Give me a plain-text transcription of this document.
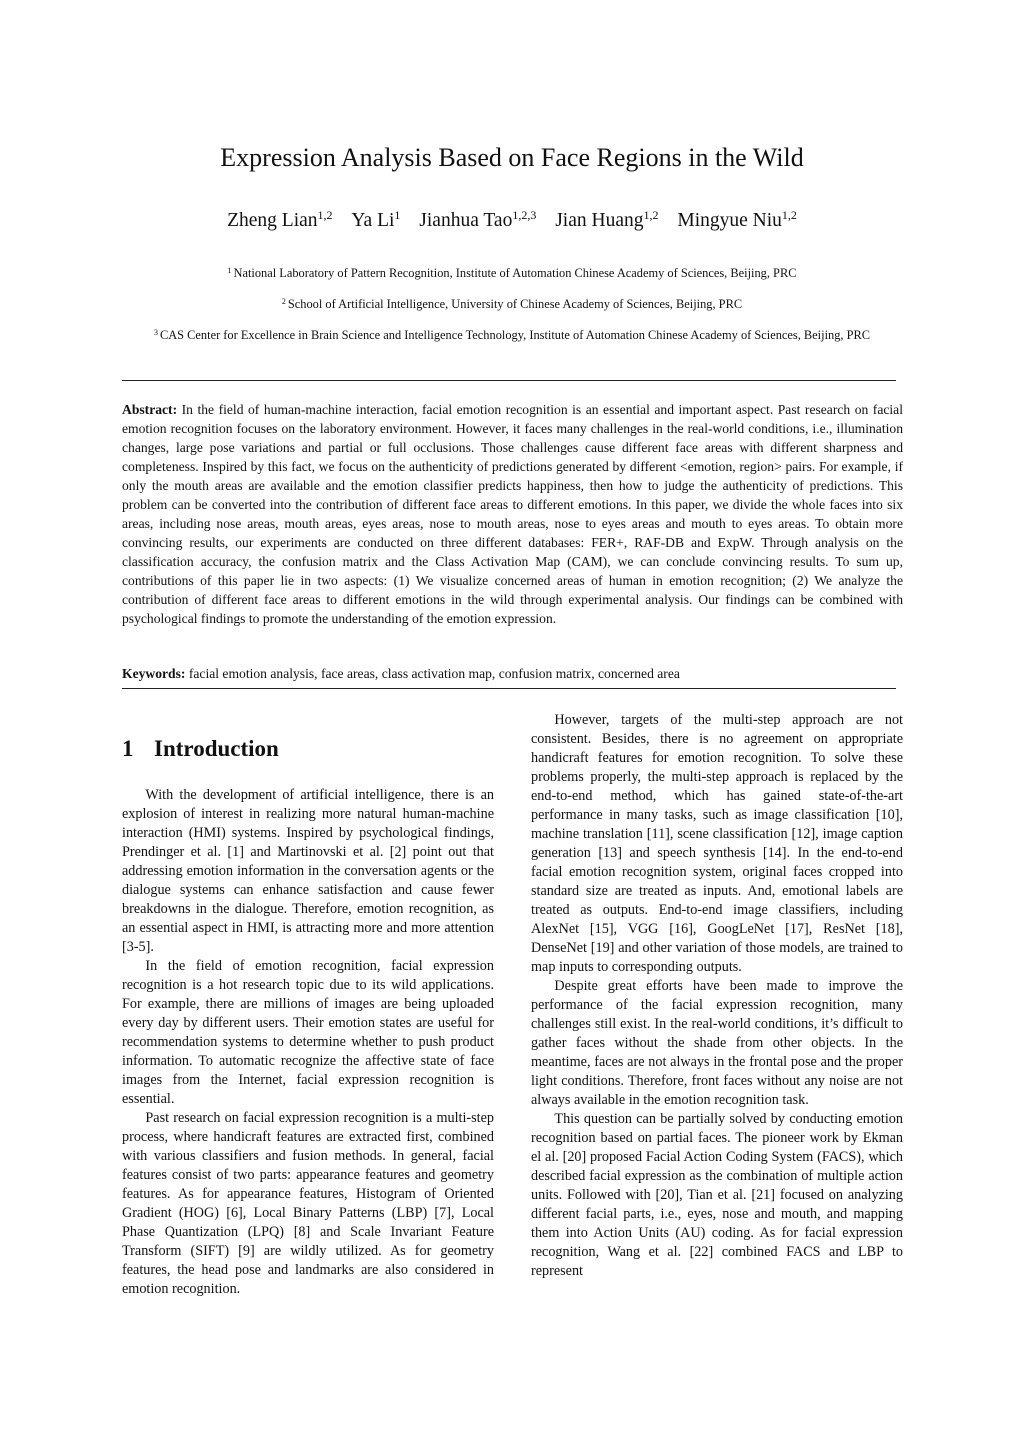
Expression Analysis Based on Face Regions in the Wild
Zheng Lian$^{1,2}$ Ya Li$^1$ Jianhua Tao$^{1,2,3}$ Jian Huang$^{1,2}$ Mingyue Niu$^{1,2}$
$^1$ National Laboratory of Pattern Recognition, Institute of Automation Chinese Academy of Sciences, Beijing, PRC
$^2$ School of Artificial Intelligence, University of Chinese Academy of Sciences, Beijing, PRC
$^3$ CAS Center for Excellence in Brain Science and Intelligence Technology, Institute of Automation Chinese Academy of Sciences, Beijing, PRC

Abstract: In the field of human-machine interaction, facial emotion recognition is an essential and important aspect. Past research on facial emotion recognition focuses on the laboratory environment. However, it faces many challenges in the real-world conditions, i.e., illumination changes, large pose variations and partial or full occlusions. Those challenges cause different face areas with different sharpness and completeness. Inspired by this fact, we focus on the authenticity of predictions generated by different <emotion, region> pairs. For example, if only the mouth areas are available and the emotion classifier predicts happiness, then how to judge the authenticity of predictions. This problem can be converted into the contribution of different face areas to different emotions. In this paper, we divide the whole faces into six areas, including nose areas, mouth areas, eyes areas, nose to mouth areas, nose to eyes areas and mouth to eyes areas. To obtain more convincing results, our experiments are conducted on three different databases: FER+, RAF-DB and ExpW. Through analysis on the classification accuracy, the confusion matrix and the Class Activation Map (CAM), we can conclude convincing results. To sum up, contributions of this paper lie in two aspects: (1) We visualize concerned areas of human in emotion recognition; (2) We analyze the contribution of different face areas to different emotions in the wild through experimental analysis. Our findings can be combined with psychological findings to promote the understanding of the emotion expression.

Keywords: facial emotion analysis, face areas, class activation map, confusion matrix, concerned area

1 Introduction

With the development of artificial intelligence, there is an explosion of interest in realizing more natural human-machine interaction (HMI) systems. Inspired by psychological findings, Prendinger et al. [1] and Martinovski et al. [2] point out that addressing emotion information in the conversation agents or the dialogue systems can enhance satisfaction and cause fewer breakdowns in the dialogue. Therefore, emotion recognition, as an essential aspect in HMI, is attracting more and more attention [3-5].

In the field of emotion recognition, facial expression recognition is a hot research topic due to its wild applications. For example, there are millions of images are being uploaded every day by different users. Their emotion states are useful for recommendation systems to determine whether to push product information. To automatic recognize the affective state of face images from the Internet, facial expression recognition is essential.

Past research on facial expression recognition is a multi-step process, where handicraft features are extracted first, combined with various classifiers and fusion methods. In general, facial features consist of two parts: appearance features and geometry features. As for appearance features, Histogram of Oriented Gradient (HOG) [6], Local Binary Patterns (LBP) [7], Local Phase Quantization (LPQ) [8] and Scale Invariant Feature Transform (SIFT) [9] are wildly utilized. As for geometry features, the head pose and landmarks are also considered in emotion recognition.

However, targets of the multi-step approach are not consistent. Besides, there is no agreement on appropriate handicraft features for emotion recognition. To solve these problems properly, the multi-step approach is replaced by the end-to-end method, which has gained state-of-the-art performance in many tasks, such as image classification [10], machine translation [11], scene classification [12], image caption generation [13] and speech synthesis [14]. In the end-to-end facial emotion recognition system, original faces cropped into standard size are treated as inputs. And, emotional labels are treated as outputs. End-to-end image classifiers, including AlexNet [15], VGG [16], GoogLeNet [17], ResNet [18], DenseNet [19] and other variation of those models, are trained to map inputs to corresponding outputs.

Despite great efforts have been made to improve the performance of the facial expression recognition, many challenges still exist. In the real-world conditions, it’s difficult to gather faces without the shade from other objects. In the meantime, faces are not always in the frontal pose and the proper light conditions. Therefore, front faces without any noise are not always available in the emotion recognition task.

This question can be partially solved by conducting emotion recognition based on partial faces. The pioneer work by Ekman el al. [20] proposed Facial Action Coding System (FACS), which described facial expression as the combination of multiple action units. Followed with [20], Tian et al. [21] focused on analyzing different facial parts, i.e., eyes, nose and mouth, and mapping them into Action Units (AU) coding. As for facial expression recognition, Wang et al. [22] combined FACS and LBP to represent
